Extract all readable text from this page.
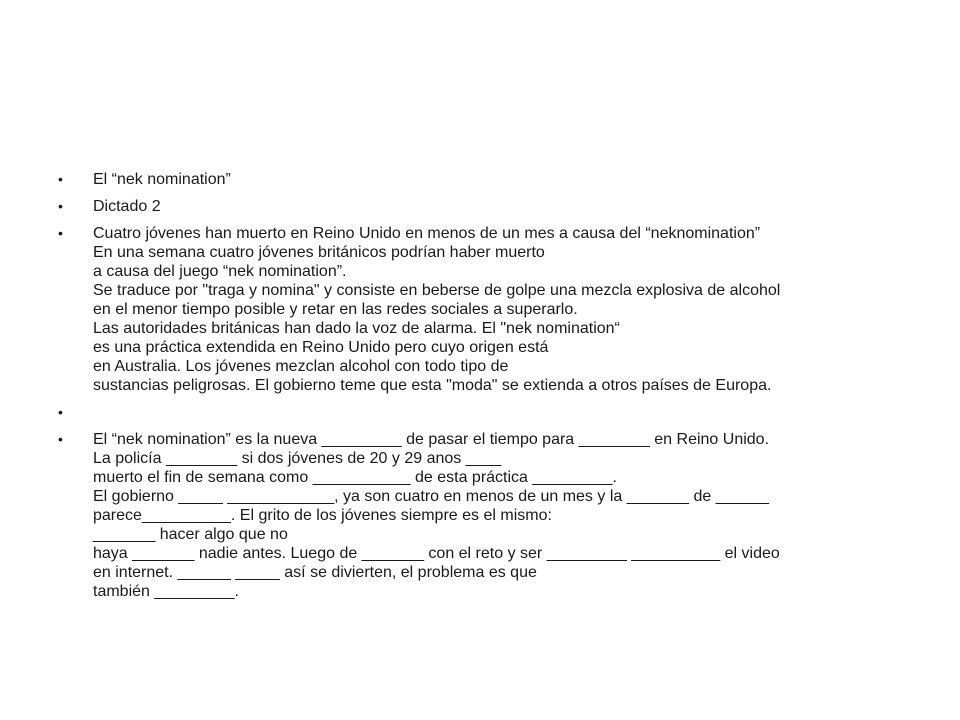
•	El “nek nomination”
•	Dictado 2
•	Cuatro jóvenes han muerto en Reino Unido en menos de un mes a causa del “neknomination”
En una semana cuatro jóvenes británicos podrían haber muerto
a causa del juego “nek nomination”.
Se traduce por "traga y nomina" y consiste en beberse de golpe una mezcla explosiva de alcohol
en el menor tiempo posible y retar en las redes sociales a superarlo.
Las autoridades británicas han dado la voz de alarma. El "nek nomination“
es una práctica extendida en Reino Unido pero cuyo origen está
en Australia. Los jóvenes mezclan alcohol con todo tipo de
sustancias peligrosas. El gobierno teme que esta "moda" se extienda a otros países de Europa.
•
•	El “nek nomination” es la nueva _________ de pasar el tiempo para ________ en Reino Unido.
La policía ________ si dos jóvenes de 20 y 29 anos ____
muerto el fin de semana como ___________ de esta práctica _________.
El gobierno _____ ____________, ya son cuatro en menos de un mes y la _______ de ______
parece__________. El grito de los jóvenes siempre es el mismo:
_______ hacer algo que no
haya _______ nadie antes. Luego de _______ con el reto y ser _________ __________ el video
en internet. ______ _____ así se divierten, el problema es que
también _________.
